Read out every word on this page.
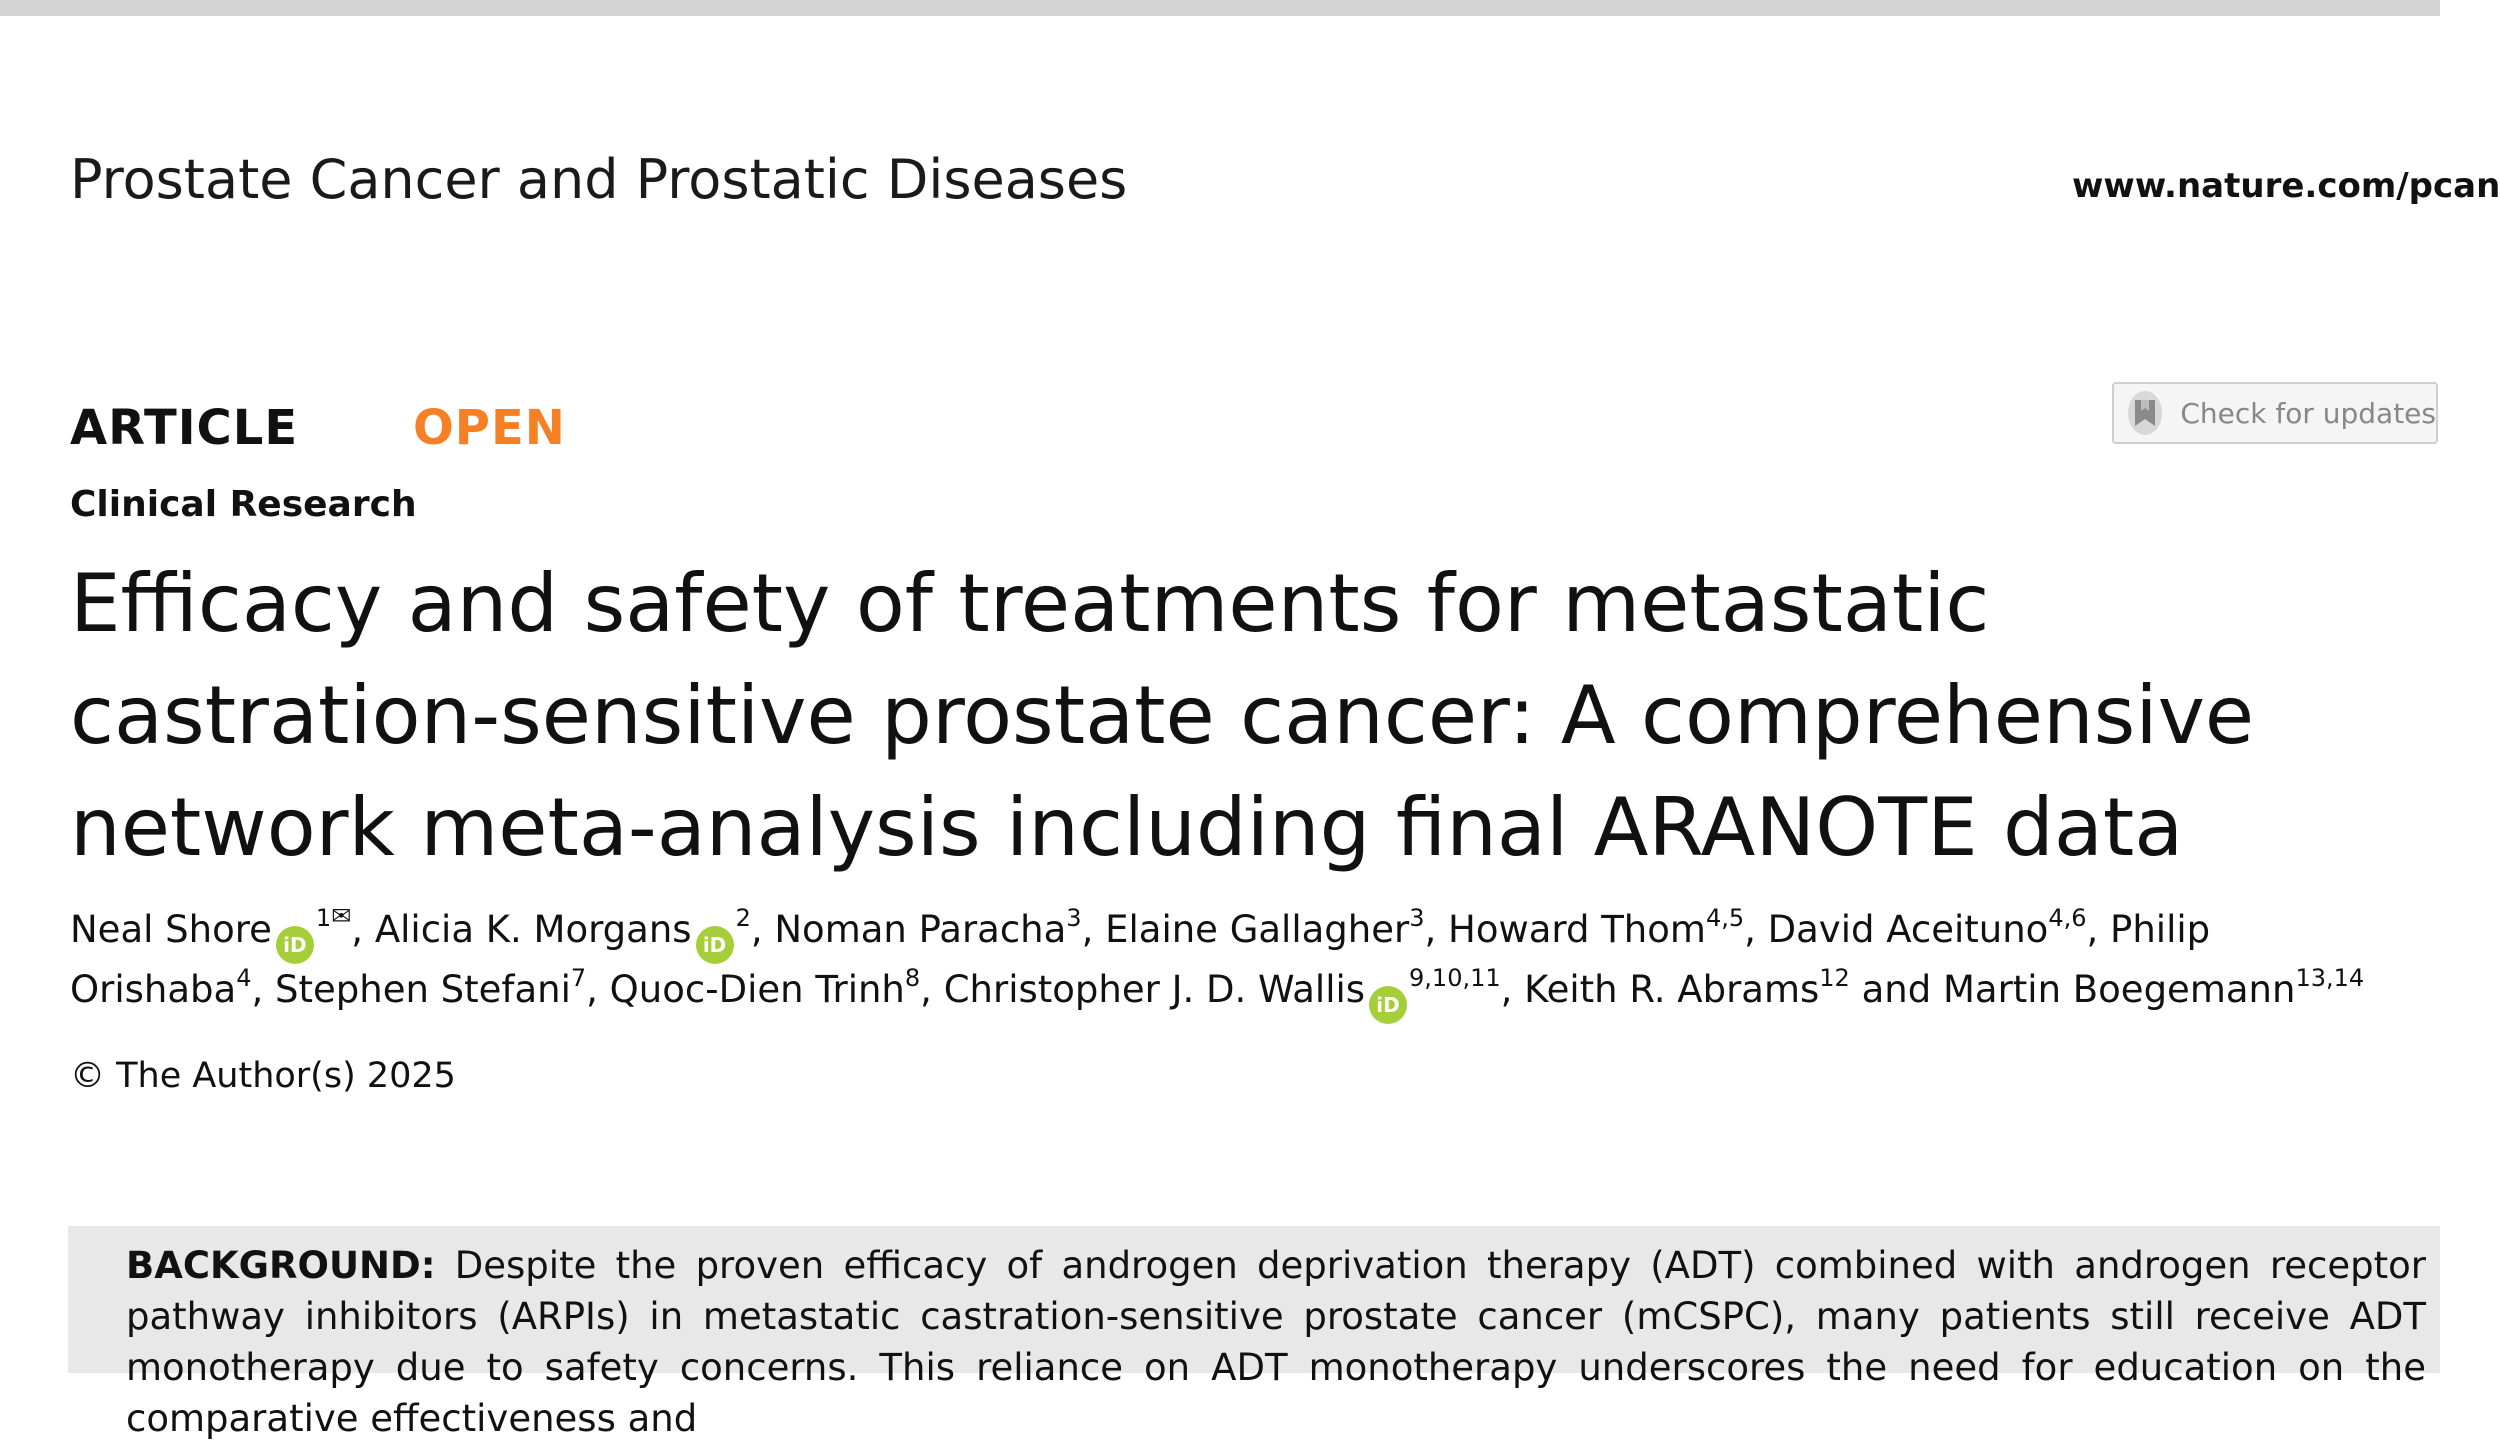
Prostate Cancer and Prostatic Diseases	www.nature.com/pcan
ARTICLE OPEN	Check for updates
Clinical Research
Efficacy and safety of treatments for metastatic castration-sensitive prostate cancer: A comprehensive network meta-analysis including final ARANOTE data
Neal Shore $iD^{1✉}$, Alicia K. Morgans $iD^2$, Noman Paracha$^3$, Elaine Gallagher$^3$, Howard Thom$^{4,5}$, David Aceituno$^{4,6}$, Philip Orishaba$^4$, Stephen Stefani$^7$, Quoc-Dien Trinh$^8$, Christopher J. D. Wallis iD$^{9,10,11}$, Keith R. Abrams$^{12}$ and Martin Boegemann$^{13,14}$
© The Author(s) 2025

BACKGROUND: Despite the proven efficacy of androgen deprivation therapy (ADT) combined with androgen receptor pathway inhibitors (ARPIs) in metastatic castration-sensitive prostate cancer (mCSPC), many patients still receive ADT monotherapy due to safety concerns. This reliance on ADT monotherapy underscores the need for education on the comparative effectiveness and
